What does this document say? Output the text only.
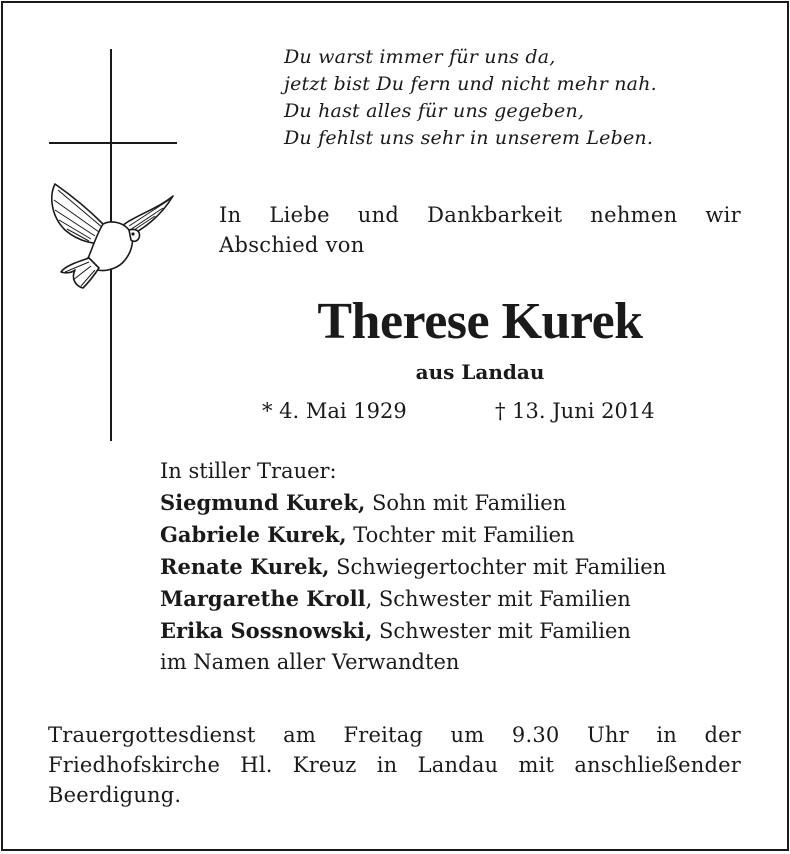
Du warst immer für uns da,
jetzt bist Du fern und nicht mehr nah.
Du hast alles für uns gegeben,
Du fehlst uns sehr in unserem Leben.

In Liebe und Dankbarkeit nehmen wir Abschied von

Therese Kurek
aus Landau
* 4. Mai 1929	† 13. Juni 2014
In stiller Trauer:
Siegmund Kurek, Sohn mit Familien
Gabriele Kurek, Tochter mit Familien
Renate Kurek, Schwiegertochter mit Familien
Margarethe Kroll, Schwester mit Familien
Erika Sossnowski, Schwester mit Familien
im Namen aller Verwandten

Trauergottesdienst am Freitag um 9.30 Uhr in der Friedhofskirche Hl. Kreuz in Landau mit anschließender Beerdigung.
